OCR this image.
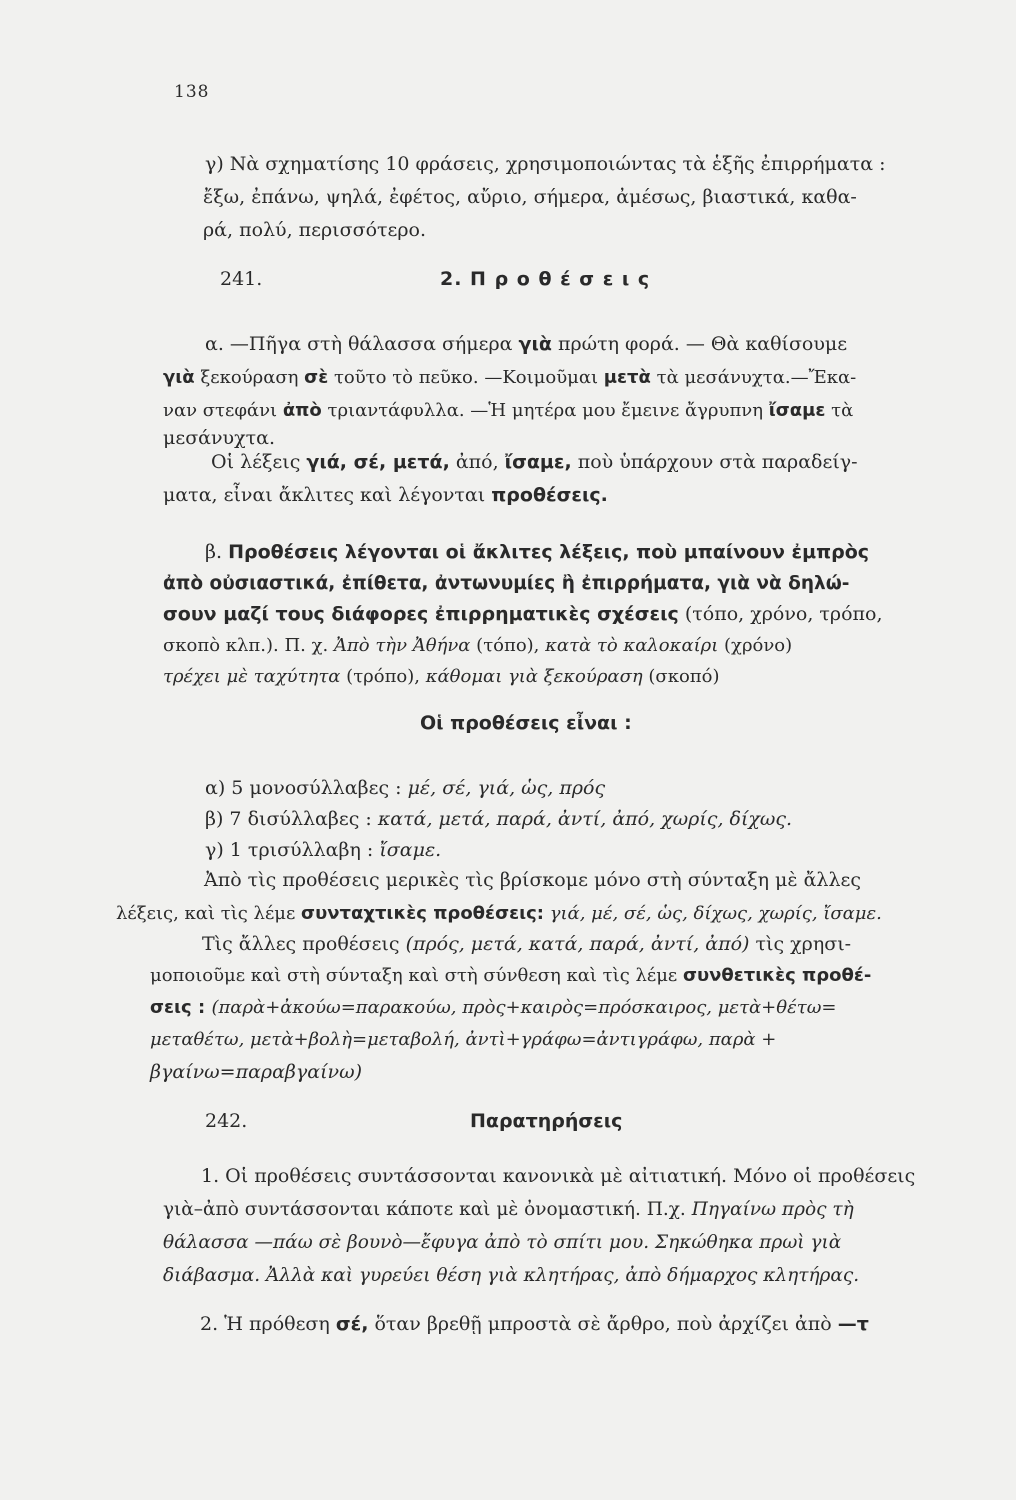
138
γ) Νὰ σχηματίσης 10 φράσεις, χρησιμοποιώντας τὰ ἑξῆς ἐπιρρήματα :
ἔξω, ἐπάνω, ψηλά, ἐφέτος, αὔριο, σήμερα, ἀμέσως, βιαστικά, καθα-
ρά, πολύ, περισσότερο.
241.	2. Π ρ ο θ έ σ ε ι ς
α. —Πῆγα στὴ θάλασσα σήμερα γιὰ πρώτη φορά. — Θὰ καθίσουμε
γιὰ ξεκούραση σὲ τοῦτο τὸ πεῦκο. —Κοιμοῦμαι μετὰ τὰ μεσάνυχτα.—Ἔκα-
ναν στεφάνι ἀπὸ τριαντάφυλλα. —Ἡ μητέρα μου ἔμεινε ἄγρυπνη ἴσαμε τὰ
μεσάνυχτα.
Οἱ λέξεις γιά, σέ, μετά, ἀπό, ἴσαμε, ποὺ ὑπάρχουν στὰ παραδείγ-
ματα, εἶναι ἄκλιτες καὶ λέγονται προθέσεις.
β. Προθέσεις λέγονται οἱ ἄκλιτες λέξεις, ποὺ μπαίνουν ἐμπρὸς
ἀπὸ οὐσιαστικά, ἐπίθετα, ἀντωνυμίες ἢ ἐπιρρήματα, γιὰ νὰ δηλώ-
σουν μαζί τους διάφορες ἐπιρρηματικὲς σχέσεις (τόπο, χρόνο, τρόπο,
σκοπὸ κλπ.). Π. χ. Ἀπὸ τὴν Ἀθήνα (τόπο), κατὰ τὸ καλοκαίρι (χρόνο)
τρέχει μὲ ταχύτητα (τρόπο), κάθομαι γιὰ ξεκούραση (σκοπό)
Οἱ προθέσεις εἶναι :
α) 5 μονοσύλλαβες : μέ, σέ, γιά, ὡς, πρός
β) 7 δισύλλαβες : κατά, μετά, παρά, ἀντί, ἀπό, χωρίς, δίχως.
γ) 1 τρισύλλαβη : ἴσαμε.
Ἀπὸ τὶς προθέσεις μερικὲς τὶς βρίσκομε μόνο στὴ σύνταξη μὲ ἄλλες
λέξεις, καὶ τὶς λέμε συνταχτικὲς προθέσεις: γιά, μέ, σέ, ὡς, δίχως, χωρίς, ἴσαμε.
Τὶς ἄλλες προθέσεις (πρός, μετά, κατά, παρά, ἀντί, ἀπό) τὶς χρησι-
μοποιοῦμε καὶ στὴ σύνταξη καὶ στὴ σύνθεση καὶ τὶς λέμε συνθετικὲς προθέ-
σεις : (παρὰ+ἀκούω=παρακούω, πρὸς+καιρὸς=πρόσκαιρος, μετὰ+θέτω=
μεταθέτω, μετὰ+βολὴ=μεταβολή, ἀντὶ+γράφω=ἀντιγράφω, παρὰ +
βγαίνω=παραβγαίνω)
242.	Παρατηρήσεις
1. Οἱ προθέσεις συντάσσονται κανονικὰ μὲ αἰτιατική. Μόνο οἱ προθέσεις
γιὰ–ἀπὸ συντάσσονται κάποτε καὶ μὲ ὀνομαστική. Π.χ. Πηγαίνω πρὸς τὴ
θάλασσα —πάω σὲ βουνὸ—ἔφυγα ἀπὸ τὸ σπίτι μου. Σηκώθηκα πρωὶ γιὰ
διάβασμα. Ἀλλὰ καὶ γυρεύει θέση γιὰ κλητήρας, ἀπὸ δήμαρχος κλητήρας.
2. Ἡ πρόθεση σέ, ὅταν βρεθῇ μπροστὰ σὲ ἄρθρο, ποὺ ἀρχίζει ἀπὸ —τ
